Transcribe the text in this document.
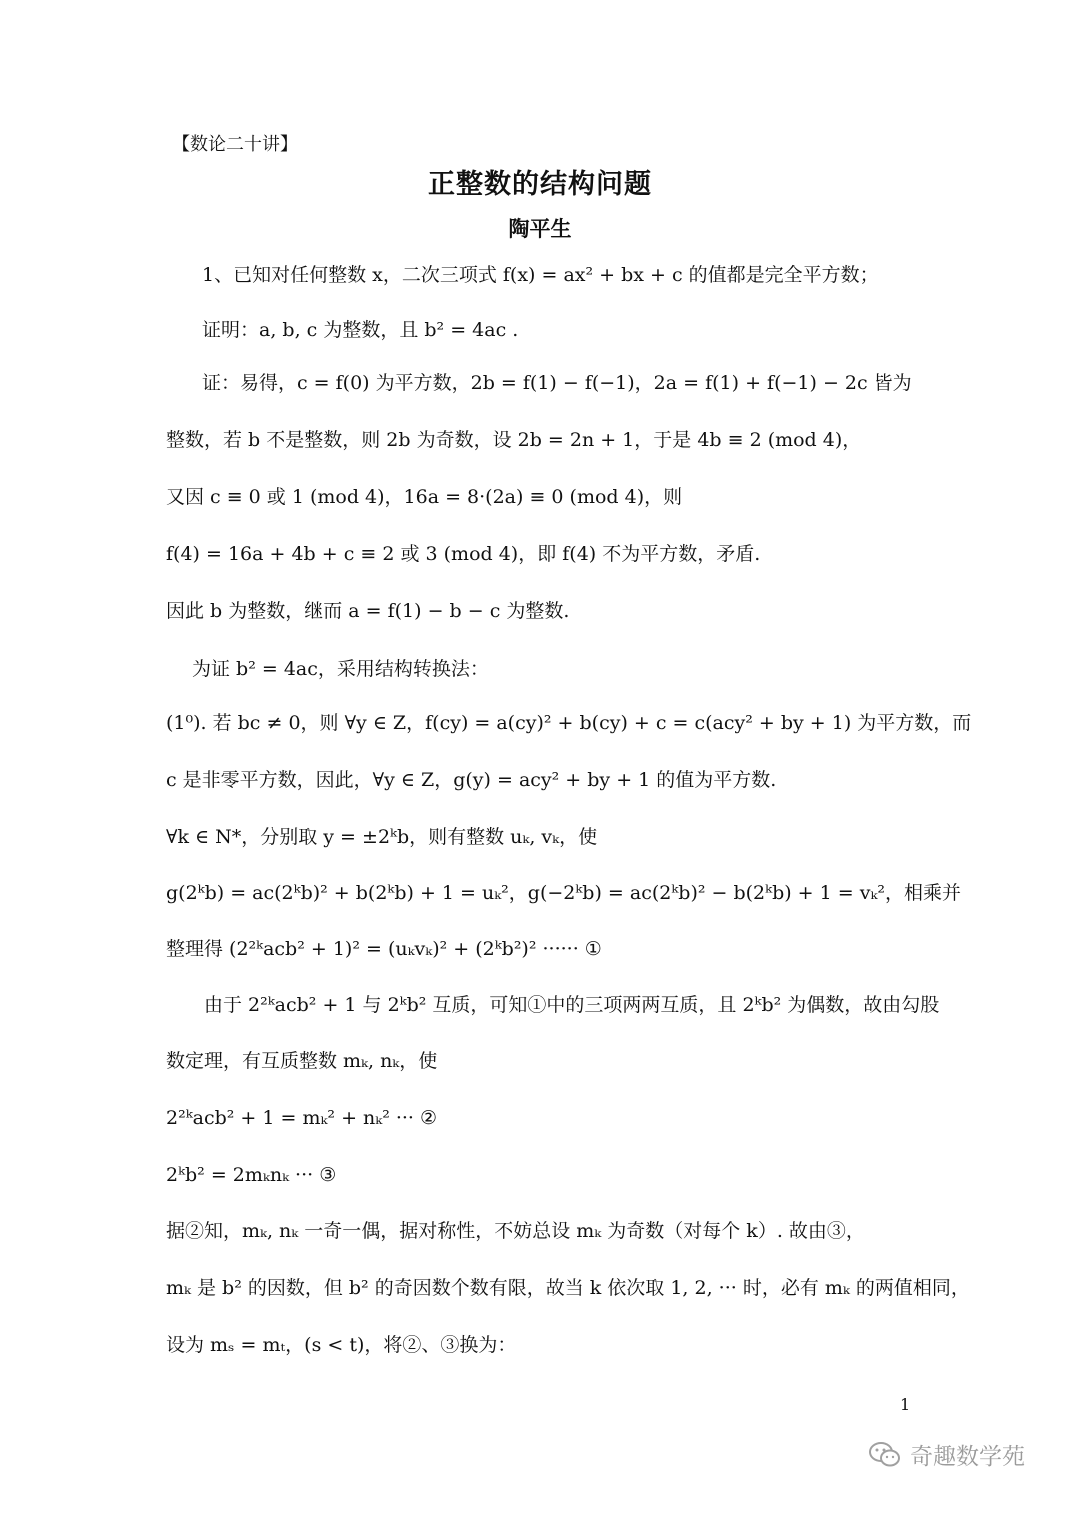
【数论二十讲】
正整数的结构问题
陶平生
1、已知对任何整数 x，二次三项式 f(x) = ax² + bx + c 的值都是完全平方数；
证明：a, b, c 为整数，且 b² = 4ac .
证：易得，c = f(0) 为平方数，2b = f(1) − f(−1)，2a = f(1) + f(−1) − 2c 皆为
整数，若 b 不是整数，则 2b 为奇数，设 2b = 2n + 1，于是 4b ≡ 2 (mod 4)，
又因 c ≡ 0 或 1 (mod 4)，16a = 8·(2a) ≡ 0 (mod 4)，则
f(4) = 16a + 4b + c ≡ 2 或 3 (mod 4)，即 f(4) 不为平方数，矛盾.
因此 b 为整数，继而 a = f(1) − b − c 为整数.
为证 b² = 4ac，采用结构转换法：
(1⁰). 若 bc ≠ 0，则 ∀y ∈ Z，f(cy) = a(cy)² + b(cy) + c = c(acy² + by + 1) 为平方数，而
c 是非零平方数，因此，∀y ∈ Z，g(y) = acy² + by + 1 的值为平方数.
∀k ∈ N*，分别取 y = ±2ᵏb，则有整数 uₖ, vₖ，使
g(2ᵏb) = ac(2ᵏb)² + b(2ᵏb) + 1 = uₖ²，g(−2ᵏb) = ac(2ᵏb)² − b(2ᵏb) + 1 = vₖ²，相乘并
整理得 (2²ᵏacb² + 1)² = (uₖvₖ)² + (2ᵏb²)² ······ ①
由于 2²ᵏacb² + 1 与 2ᵏb² 互质，可知①中的三项两两互质，且 2ᵏb² 为偶数，故由勾股
数定理，有互质整数 mₖ, nₖ，使
2²ᵏacb² + 1 = mₖ² + nₖ² ··· ②
2ᵏb² = 2mₖnₖ ··· ③
据②知，mₖ, nₖ 一奇一偶，据对称性，不妨总设 mₖ 为奇数（对每个 k）. 故由③，
mₖ 是 b² 的因数，但 b² 的奇因数个数有限，故当 k 依次取 1, 2, ··· 时，必有 mₖ 的两值相同，
设为 mₛ = mₜ，(s < t)，将②、③换为：
1
奇趣数学苑
